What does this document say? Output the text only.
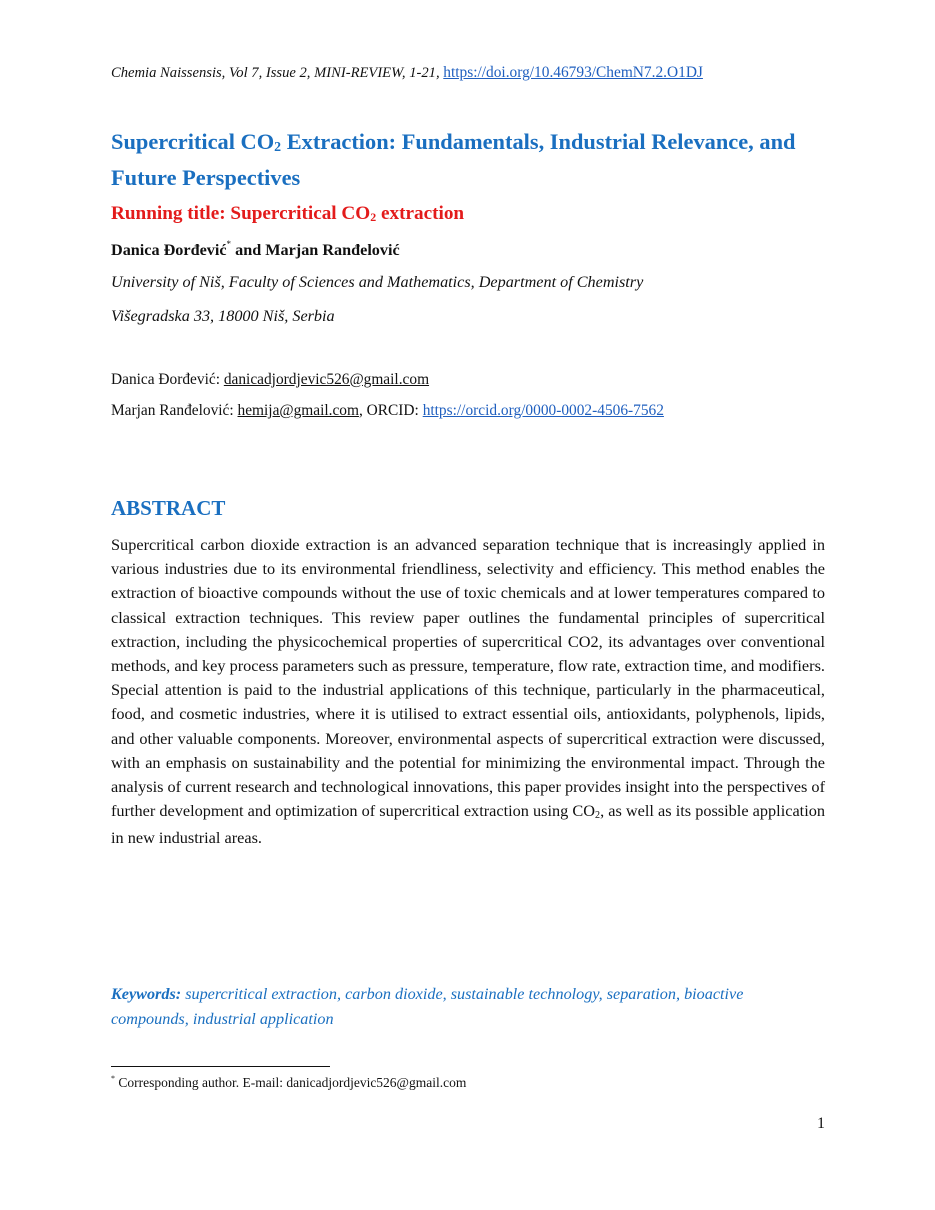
Chemia Naissensis, Vol 7, Issue 2, MINI-REVIEW, 1-21, https://doi.org/10.46793/ChemN7.2.O1DJ
Supercritical $CO_2$ Extraction: Fundamentals, Industrial Relevance, and Future Perspectives
Running title: Supercritical $CO_2$ extraction
Danica Đorđević* and Marjan Ranđelović
University of Niš, Faculty of Sciences and Mathematics, Department of Chemistry
Višegradska 33, 18000 Niš, Serbia
Danica Đorđević: danicadjordjevic526@gmail.com
Marjan Ranđelović: hemija@gmail.com, ORCID: https://orcid.org/0000-0002-4506-7562
ABSTRACT
Supercritical carbon dioxide extraction is an advanced separation technique that is increasingly applied in various industries due to its environmental friendliness, selectivity and efficiency. This method enables the extraction of bioactive compounds without the use of toxic chemicals and at lower temperatures compared to classical extraction techniques. This review paper outlines the fundamental principles of supercritical extraction, including the physicochemical properties of supercritical CO2, its advantages over conventional methods, and key process parameters such as pressure, temperature, flow rate, extraction time, and modifiers. Special attention is paid to the industrial applications of this technique, particularly in the pharmaceutical, food, and cosmetic industries, where it is utilised to extract essential oils, antioxidants, polyphenols, lipids, and other valuable components. Moreover, environmental aspects of supercritical extraction were discussed, with an emphasis on sustainability and the potential for minimizing the environmental impact. Through the analysis of current research and technological innovations, this paper provides insight into the perspectives of further development and optimization of supercritical extraction using $CO_2$, as well as its possible application in new industrial areas.
Keywords: supercritical extraction, carbon dioxide, sustainable technology, separation, bioactive compounds, industrial application
* Corresponding author. E-mail: danicadjordjevic526@gmail.com
1
